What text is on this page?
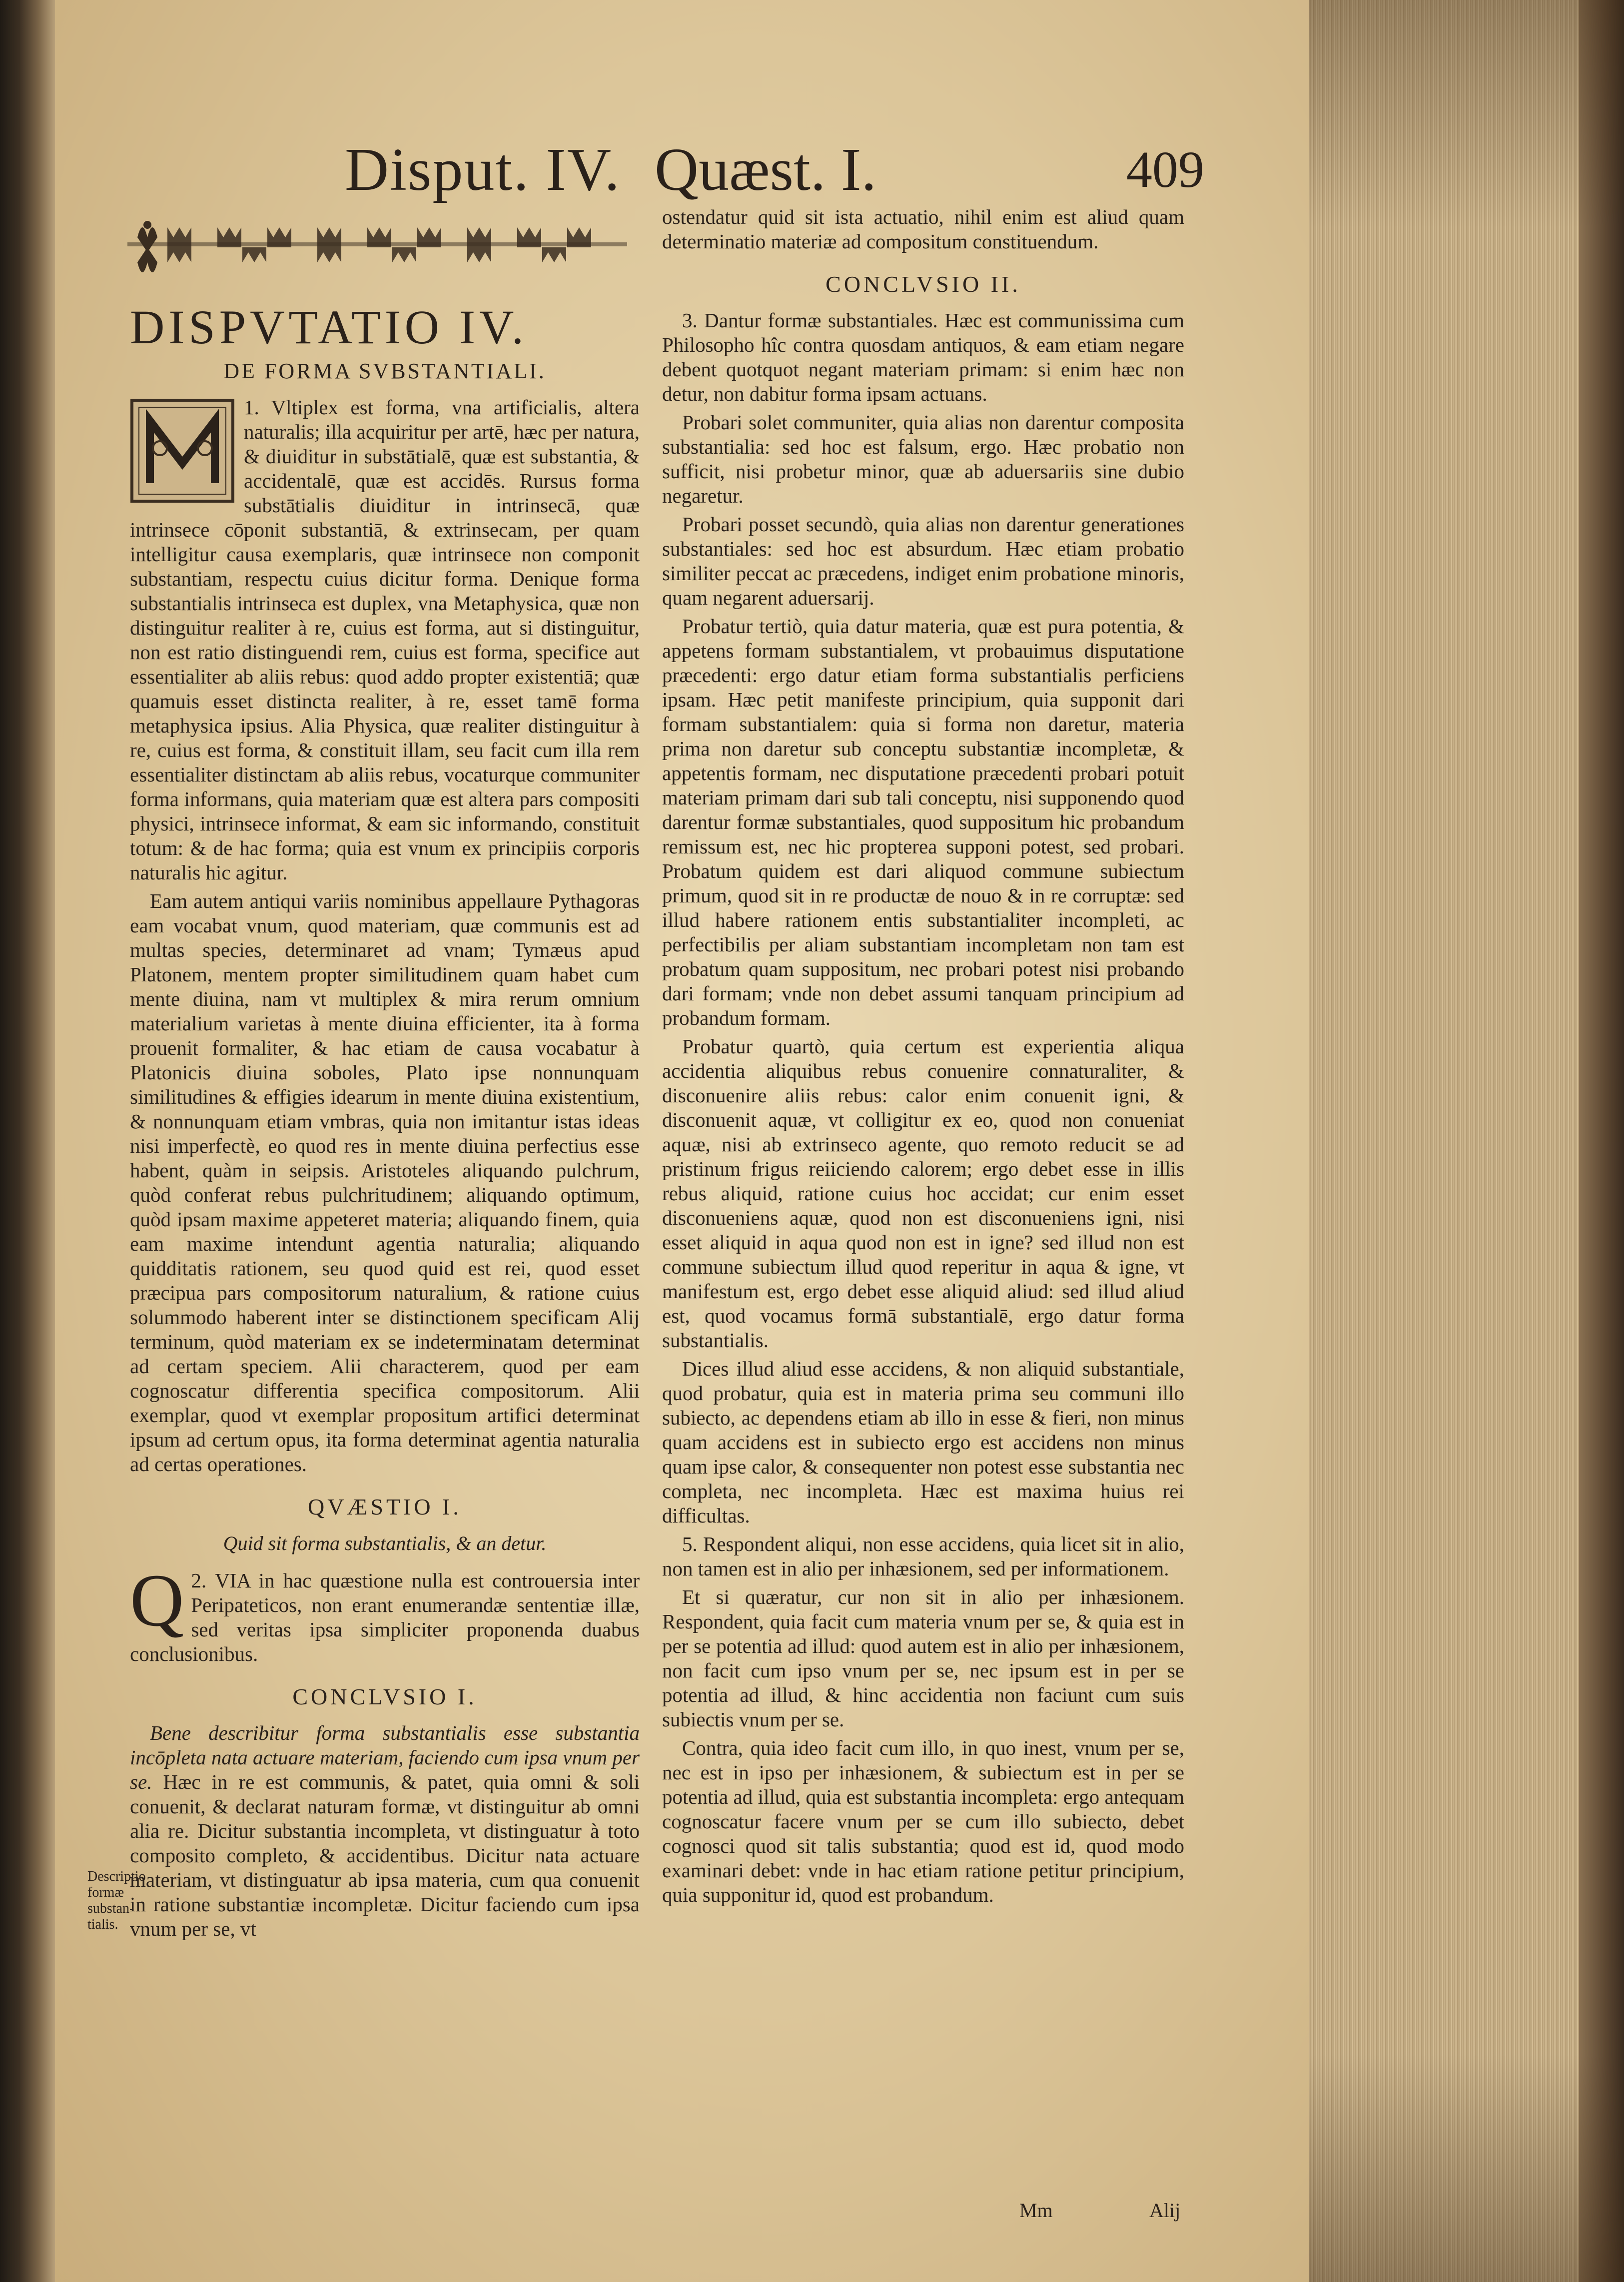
Disput. IV. Quæst. I.	409
DISPVTATIO IV.
DE FORMA SVBSTANTIALI.

1. Vltiplex est forma, vna artificialis, altera naturalis; illa acquiritur per artē, hæc per natura, & diuiditur in substātialē, quæ est substantia, & accidentalē, quæ est accidēs. Rursus forma substātialis diuiditur in intrinsecā, quæ intrinsece cōponit substantiā, & extrinsecam, per quam intelligitur causa exemplaris, quæ intrinsece non componit substantiam, respectu cuius dicitur forma. Denique forma substantialis intrinseca est duplex, vna Metaphysica, quæ non distinguitur realiter à re, cuius est forma, aut si distinguitur, non est ratio distinguendi rem, cuius est forma, specifice aut essentialiter ab aliis rebus: quod addo propter existentiā; quæ quamuis esset distincta realiter, à re, esset tamē forma metaphysica ipsius. Alia Physica, quæ realiter distinguitur à re, cuius est forma, & constituit illam, seu facit cum illa rem essentialiter distinctam ab aliis rebus, vocaturque communiter forma informans, quia materiam quæ est altera pars compositi physici, intrinsece informat, & eam sic informando, constituit totum: & de hac forma; quia est vnum ex principiis corporis naturalis hic agitur.

Eam autem antiqui variis nominibus appellaure Pythagoras eam vocabat vnum, quod materiam, quæ communis est ad multas species, determinaret ad vnam; Tymæus apud Platonem, mentem propter similitudinem quam habet cum mente diuina, nam vt multiplex & mira rerum omnium materialium varietas à mente diuina efficienter, ita à forma prouenit formaliter, & hac etiam de causa vocabatur à Platonicis diuina soboles, Plato ipse nonnunquam similitudines & effigies idearum in mente diuina existentium, & nonnunquam etiam vmbras, quia non imitantur istas ideas nisi imperfectè, eo quod res in mente diuina perfectius esse habent, quàm in seipsis. Aristoteles aliquando pulchrum, quòd conferat rebus pulchritudinem; aliquando optimum, quòd ipsam maxime appeteret materia; aliquando finem, quia eam maxime intendunt agentia naturalia; aliquando quidditatis rationem, seu quod quid est rei, quod esset præcipua pars compositorum naturalium, & ratione cuius solummodo haberent inter se distinctionem specificam Alij terminum, quòd materiam ex se indeterminatam determinat ad certam speciem. Alii characterem, quod per eam cognoscatur differentia specifica compositorum. Alii exemplar, quod vt exemplar propositum artifici determinat ipsum ad certum opus, ita forma determinat agentia naturalia ad certas operationes.

QVÆSTIO I.
Quid sit forma substantialis, & an detur.

2.
Q VIA in hac quæstione nulla est controuersia inter Peripateticos, non erant enumerandæ sententiæ illæ, sed veritas ipsa simpliciter proponenda duabus conclusionibus.

CONCLVSIO I.

Bene describitur forma substantialis esse substantia incōpleta nata actuare materiam, faciendo cum ipsa vnum per se. Hæc in re est communis, & patet, quia omni & soli conuenit, & declarat naturam formæ, vt distinguitur ab omni alia re. Dicitur substantia incompleta, vt distinguatur à toto composito completo, & accidentibus. Dicitur nata actuare materiam, vt distinguatur ab ipsa materia, cum qua conuenit in ratione substantiæ incompletæ. Dicitur faciendo cum ipsa vnum per se, vt

Descriptio
formæ
substan-
tialis.

ostendatur quid sit ista actuatio, nihil enim est aliud quam determinatio materiæ ad compositum constituendum.

CONCLVSIO II.

3. Dantur formæ substantiales. Hæc est communissima cum Philosopho hîc contra quosdam antiquos, & eam etiam negare debent quotquot negant materiam primam: si enim hæc non detur, non dabitur forma ipsam actuans.

Probari solet communiter, quia alias non darentur composita substantialia: sed hoc est falsum, ergo. Hæc probatio non sufficit, nisi probetur minor, quæ ab aduersariis sine dubio negaretur.

Probari posset secundò, quia alias non darentur generationes substantiales: sed hoc est absurdum. Hæc etiam probatio similiter peccat ac præcedens, indiget enim probatione minoris, quam negarent aduersarij.

Probatur tertiò, quia datur materia, quæ est pura potentia, & appetens formam substantialem, vt probauimus disputatione præcedenti: ergo datur etiam forma substantialis perficiens ipsam. Hæc petit manifeste principium, quia supponit dari formam substantialem: quia si forma non daretur, materia prima non daretur sub conceptu substantiæ incompletæ, & appetentis formam, nec disputatione præcedenti probari potuit materiam primam dari sub tali conceptu, nisi supponendo quod darentur formæ substantiales, quod suppositum hic probandum remissum est, nec hic propterea supponi potest, sed probari. Probatum quidem est dari aliquod commune subiectum primum, quod sit in re productæ de nouo & in re corruptæ: sed illud habere rationem entis substantialiter incompleti, ac perfectibilis per aliam substantiam incompletam non tam est probatum quam suppositum, nec probari potest nisi probando dari formam; vnde non debet assumi tanquam principium ad probandum formam.

Probatur quartò, quia certum est experientia aliqua accidentia aliquibus rebus conuenire connaturaliter, & disconuenire aliis rebus: calor enim conuenit igni, & disconuenit aquæ, vt colligitur ex eo, quod non conueniat aquæ, nisi ab extrinseco agente, quo remoto reducit se ad pristinum frigus reiiciendo calorem; ergo debet esse in illis rebus aliquid, ratione cuius hoc accidat; cur enim esset disconueniens aquæ, quod non est disconueniens igni, nisi esset aliquid in aqua quod non est in igne? sed illud non est commune subiectum illud quod reperitur in aqua & igne, vt manifestum est, ergo debet esse aliquid aliud: sed illud aliud est, quod vocamus formā substantialē, ergo datur forma substantialis.

Dices illud aliud esse accidens, & non aliquid substantiale, quod probatur, quia est in materia prima seu communi illo subiecto, ac dependens etiam ab illo in esse & fieri, non minus quam accidens est in subiecto ergo est accidens non minus quam ipse calor, & consequenter non potest esse substantia nec completa, nec incompleta. Hæc est maxima huius rei difficultas.

5. Respondent aliqui, non esse accidens, quia licet sit in alio, non tamen est in alio per inhæsionem, sed per informationem.

Et si quæratur, cur non sit in alio per inhæsionem. Respondent, quia facit cum materia vnum per se, & quia est in per se potentia ad illud: quod autem est in alio per inhæsionem, non facit cum ipso vnum per se, nec ipsum est in per se potentia ad illud, & hinc accidentia non faciunt cum suis subiectis vnum per se.

Contra, quia ideo facit cum illo, in quo inest, vnum per se, nec est in ipso per inhæsionem, & subiectum est in per se potentia ad illud, quia est substantia incompleta: ergo antequam cognoscatur facere vnum per se cum illo subiecto, debet cognosci quod sit talis substantia; quod est id, quod modo examinari debet: vnde in hac etiam ratione petitur principium, quia supponitur id, quod est probandum.

Mm	Alij
